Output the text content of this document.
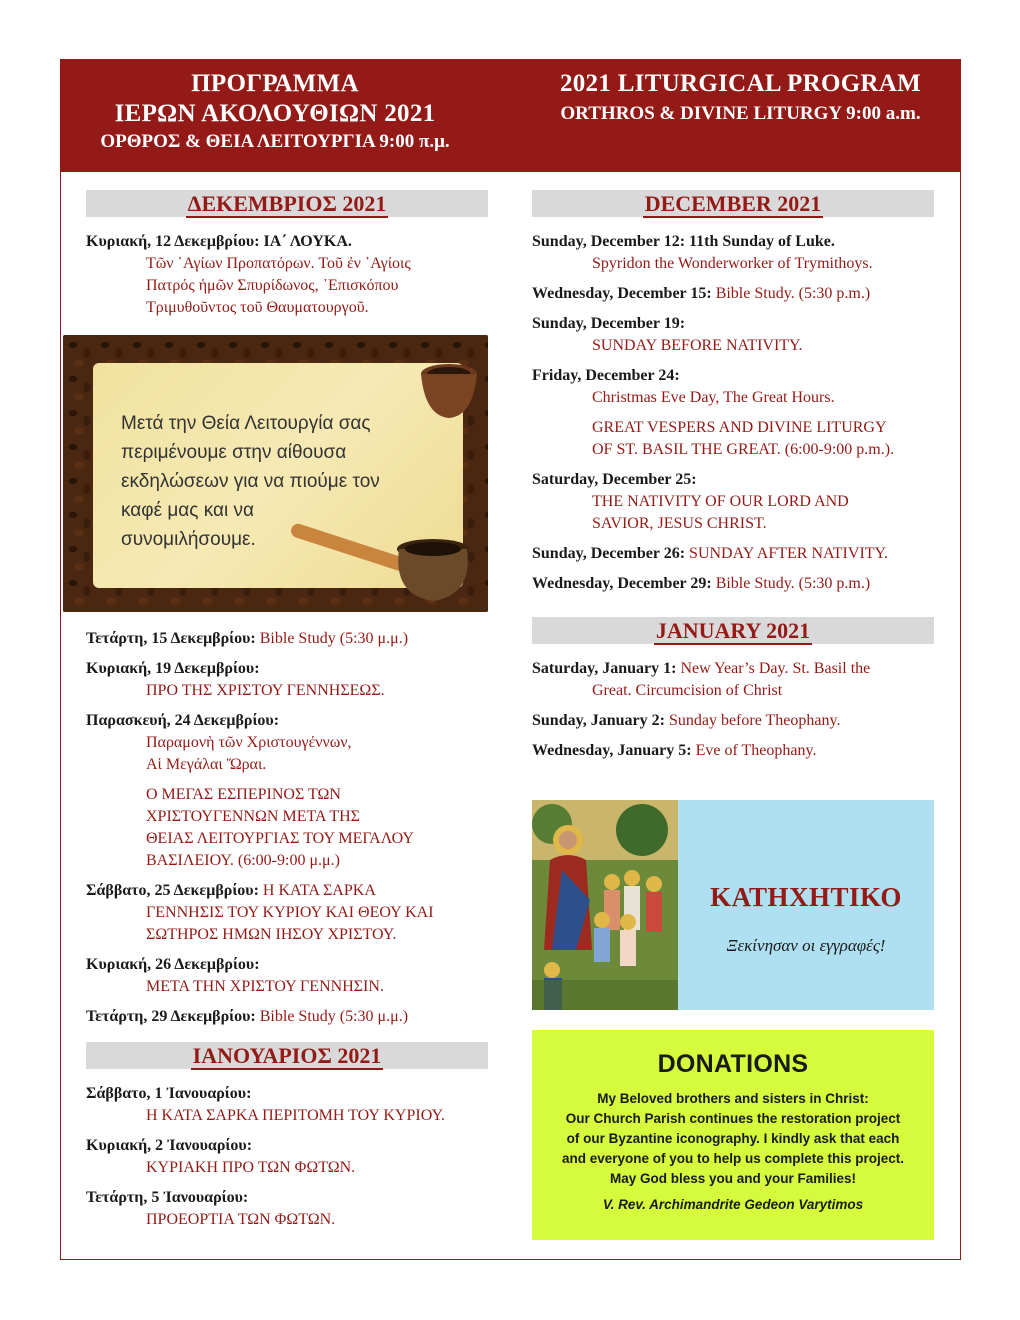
ΠΡΟΓΡΑΜΜΑ
ΙΕΡΩΝ ΑΚΟΛΟΥΘΙΩΝ 2021
ΟΡΘΡΟΣ & ΘΕΙΑ ΛΕΙΤΟΥΡΓΙΑ 9:00 π.μ.
2021 LITURGICAL PROGRAM
ORTHROS & DIVINE LITURGY 9:00 a.m.
ΔΕΚΕΜΒΡΙΟΣ 2021
Κυριακή, 12 Δεκεμβρίου: ΙΑ΄ ΛΟΥΚΑ.
Τῶν ῾Αγίων Προπατόρων. Τοῦ ἐν ῾Αγίοις
Πατρός ἡμῶν Σπυρίδωνος, ᾿Επισκόπου
Τριμυθοῦντος τοῦ Θαυματουργοῦ.
Μετά την Θεία Λειτουργία σας περιμένουμε στην αίθουσα εκδηλώσεων για να πιούμε τον καφέ μας και να συνομιλήσουμε.
Τετάρτη, 15 Δεκεμβρίου: Bible Study (5:30 μ.μ.)
Κυριακή, 19 Δεκεμβρίου:
ΠΡΟ ΤΗΣ ΧΡΙΣΤΟΥ ΓΕΝΝΗΣΕΩΣ.
Παρασκευή, 24 Δεκεμβρίου:
Παραμονὴ τῶν Χριστουγέννων,
Αἱ Μεγάλαι Ὥραι.
Ο ΜΕΓΑΣ ΕΣΠΕΡΙΝΟΣ ΤΩΝ
ΧΡΙΣΤΟΥΓΕΝΝΩΝ ΜΕΤΑ ΤΗΣ
ΘΕΙΑΣ ΛΕΙΤΟΥΡΓΙΑΣ ΤΟΥ ΜΕΓΑΛΟΥ
ΒΑΣΙΛΕΙΟΥ. (6:00-9:00 μ.μ.)
Σάββατο, 25 Δεκεμβρίου: Η ΚΑΤΑ ΣΑΡΚΑ
ΓΕΝΝΗΣΙΣ ΤΟΥ ΚΥΡΙΟΥ ΚΑΙ ΘΕΟΥ ΚΑΙ
ΣΩΤΗΡΟΣ ΗΜΩΝ ΙΗΣΟΥ ΧΡΙΣΤΟΥ.
Κυριακή, 26 Δεκεμβρίου:
ΜΕΤΑ ΤΗΝ ΧΡΙΣΤΟΥ ΓΕΝΝΗΣΙΝ.
Τετάρτη, 29 Δεκεμβρίου: Bible Study (5:30 μ.μ.)
ΙΑΝΟΥΑΡΙΟΣ 2021
Σάββατο, 1 Ἰανουαρίου:
Η ΚΑΤΑ ΣΑΡΚΑ ΠΕΡΙΤΟΜΗ ΤΟΥ ΚΥΡΙΟΥ.
Κυριακή, 2 Ἰανουαρίου:
ΚΥΡΙΑΚΗ ΠΡΟ ΤΩΝ ΦΩΤΩΝ.
Τετάρτη, 5 Ἰανουαρίου:
ΠΡΟΕΟΡΤΙΑ ΤΩΝ ΦΩΤΩΝ.
DECEMBER 2021
Sunday, December 12: 11th Sunday of Luke.
Spyridon the Wonderworker of Trymithoys.
Wednesday, December 15: Bible Study. (5:30 p.m.)
Sunday, December 19:
SUNDAY BEFORE NATIVITY.
Friday, December 24:
Christmas Eve Day, The Great Hours.
GREAT VESPERS AND DIVINE LITURGY
OF ST. BASIL THE GREAT. (6:00-9:00 p.m.).
Saturday, December 25:
THE NATIVITY OF OUR LORD AND
SAVIOR, JESUS CHRIST.
Sunday, December 26: SUNDAY AFTER NATIVITY.
Wednesday, December 29: Bible Study. (5:30 p.m.)
JANUARY 2021
Saturday, January 1: New Year’s Day. St. Basil the
Great. Circumcision of Christ
Sunday, January 2: Sunday before Theophany.
Wednesday, January 5: Eve of Theophany.
ΚΑΤΗΧΗΤΙΚΟ
Ξεκίνησαν οι εγγραφές!
DONATIONS
My Beloved brothers and sisters in Christ:
Our Church Parish continues the restoration project
of our Byzantine iconography. I kindly ask that each
and everyone of you to help us complete this project.
May God bless you and your Families!
V. Rev. Archimandrite Gedeon Varytimos
